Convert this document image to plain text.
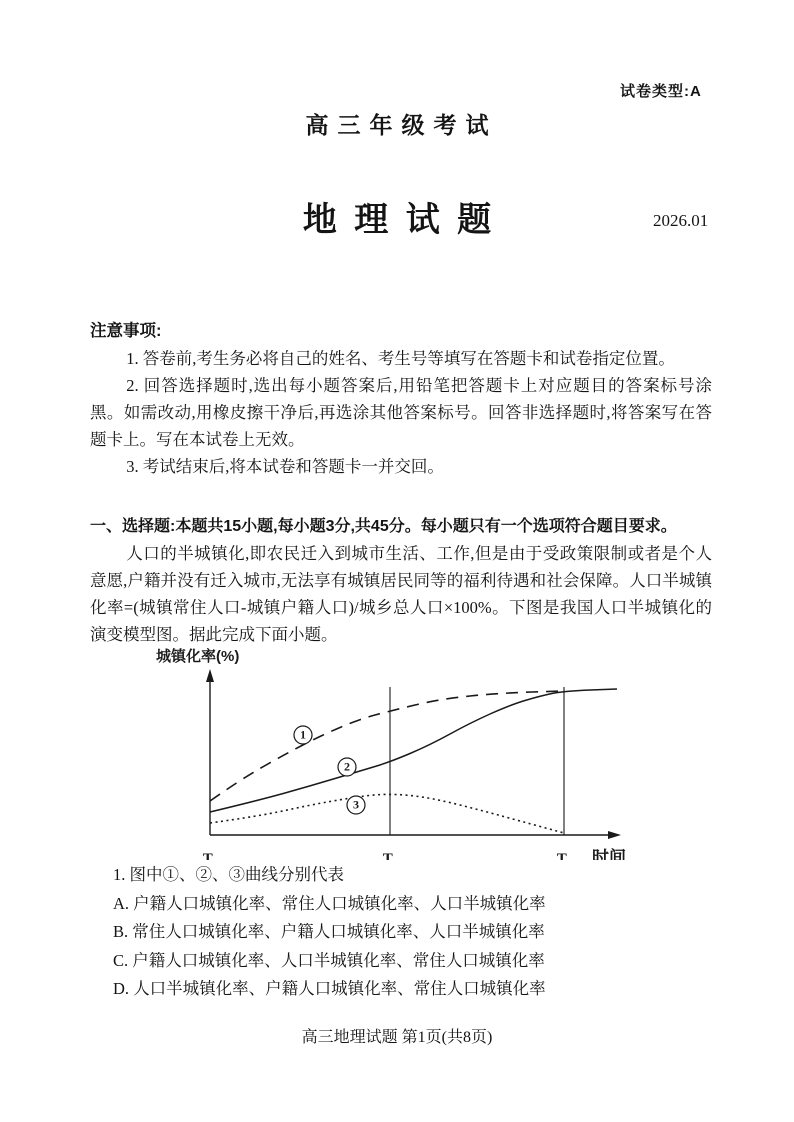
试卷类型:A
高三年级考试
地 理 试 题	2026.01
注意事项:

1. 答卷前,考生务必将自己的姓名、考生号等填写在答题卡和试卷指定位置。

2. 回答选择题时,选出每小题答案后,用铅笔把答题卡上对应题目的答案标号涂黑。如需改动,用橡皮擦干净后,再选涂其他答案标号。回答非选择题时,将答案写在答题卡上。写在本试卷上无效。

3. 考试结束后,将本试卷和答题卡一并交回。

一、选择题:本题共15小题,每小题3分,共45分。每小题只有一个选项符合题目要求。

人口的半城镇化,即农民迁入到城市生活、工作,但是由于受政策限制或者是个人意愿,户籍并没有迁入城市,无法享有城镇居民同等的福利待遇和社会保障。人口半城镇化率=(城镇常住人口-城镇户籍人口)/城乡总人口×100%。下图是我国人口半城镇化的演变模型图。据此完成下面小题。

1
2
3
T₁	T₂	T₃
城镇化率(%)
时间

1. 图中①、②、③曲线分别代表

A. 户籍人口城镇化率、常住人口城镇化率、人口半城镇化率

B. 常住人口城镇化率、户籍人口城镇化率、人口半城镇化率

C. 户籍人口城镇化率、人口半城镇化率、常住人口城镇化率

D. 人口半城镇化率、户籍人口城镇化率、常住人口城镇化率

高三地理试题 第1页(共8页)
